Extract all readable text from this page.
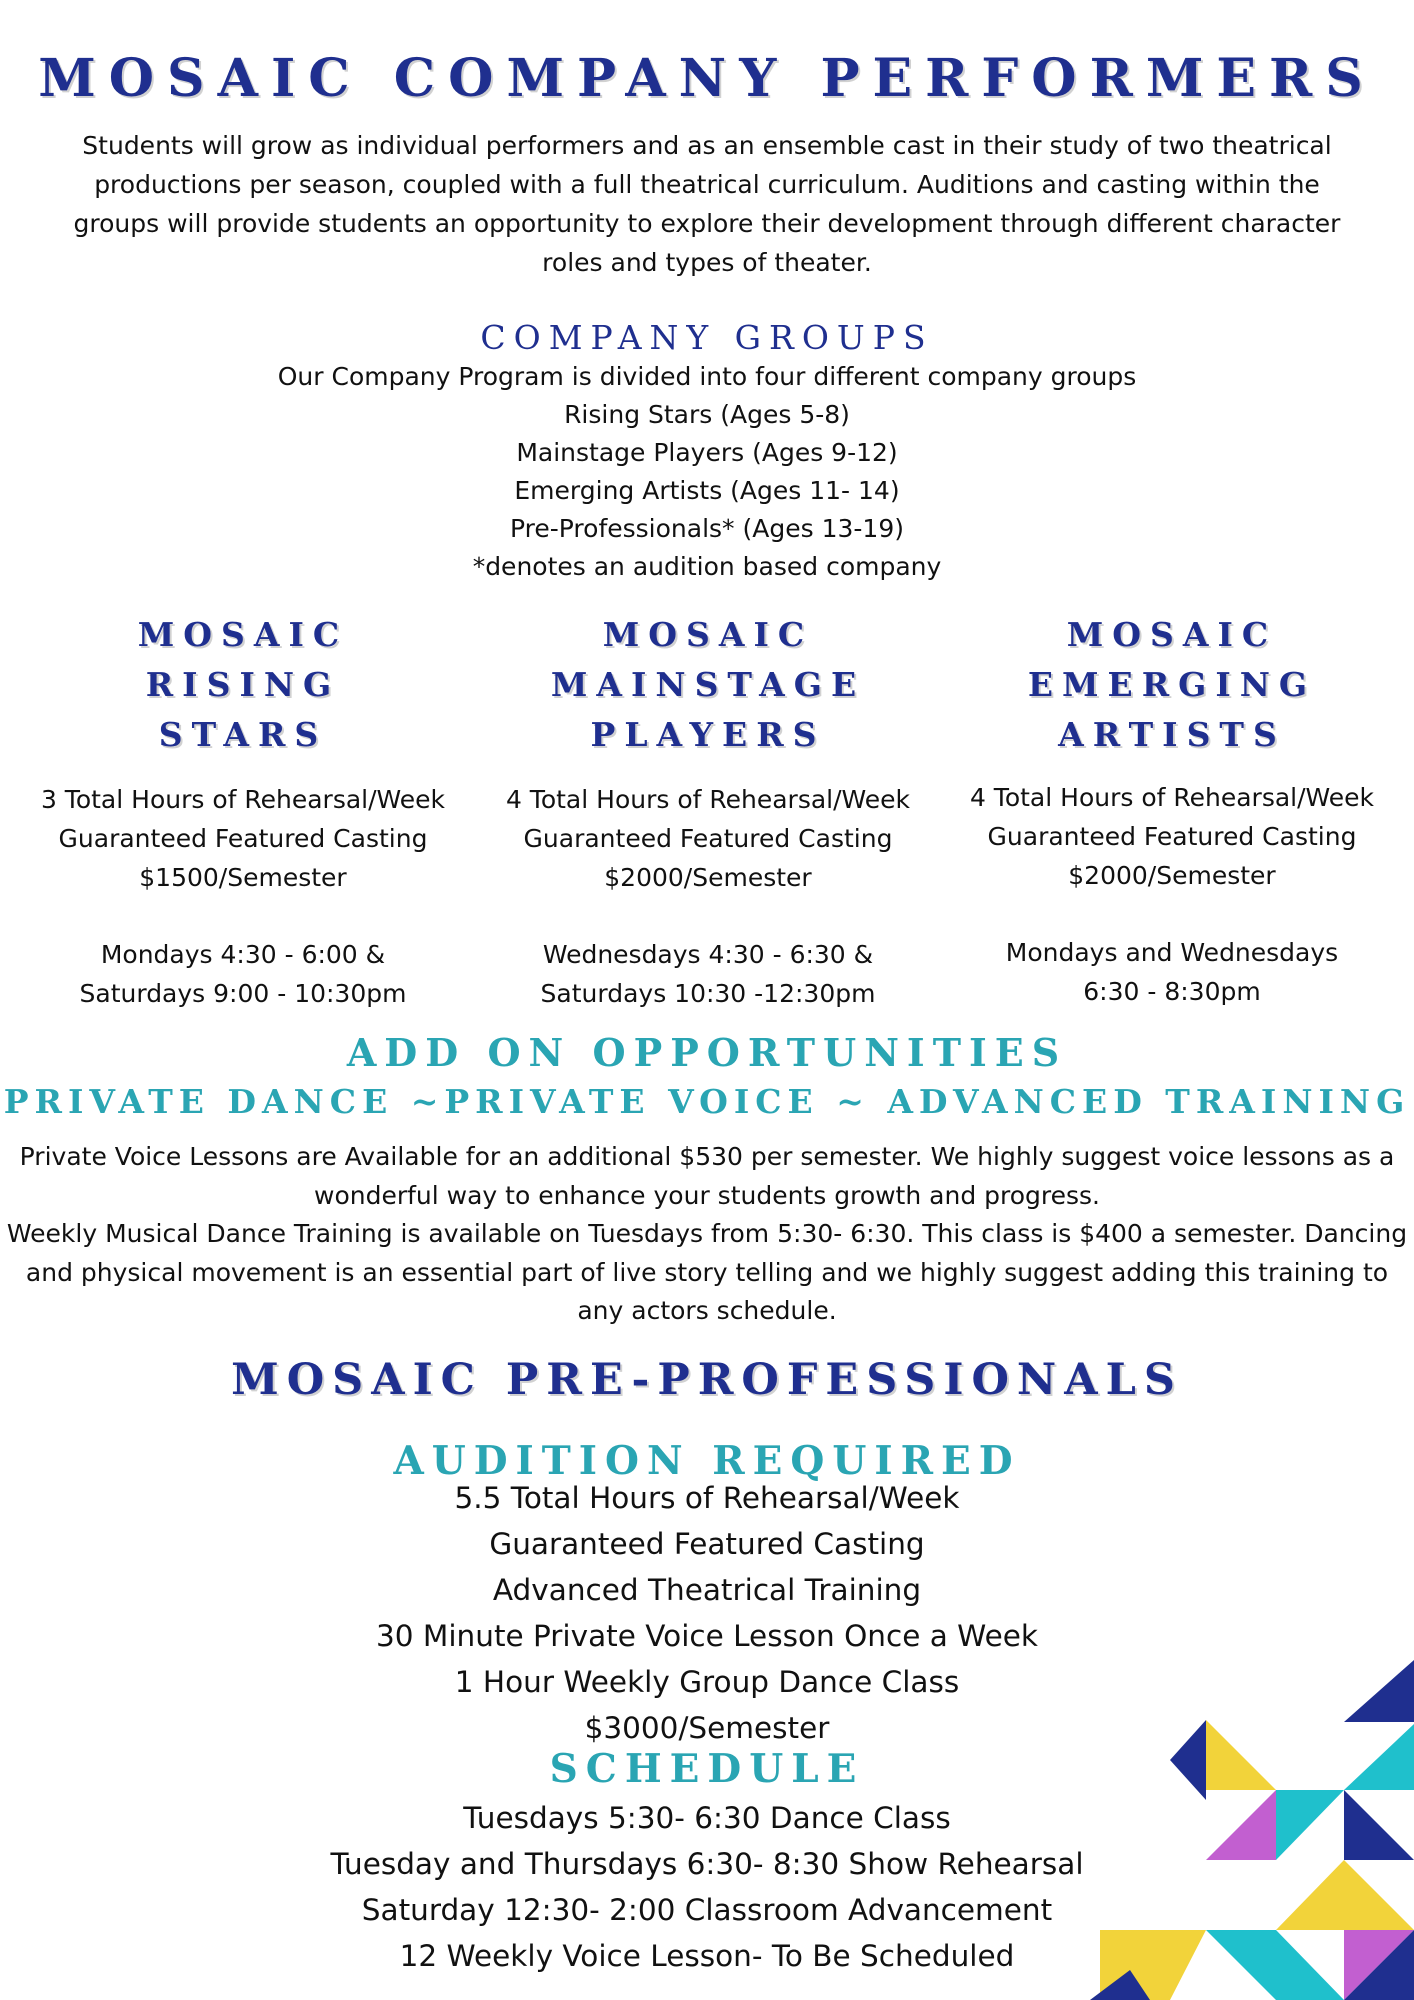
MOSAIC COMPANY PERFORMERS
Students will grow as individual performers and as an ensemble cast in their study of two theatrical
productions per season, coupled with a full theatrical curriculum. Auditions and casting within the
groups will provide students an opportunity to explore their development through different character
roles and types of theater.
COMPANY GROUPS
Our Company Program is divided into four different company groups
Rising Stars (Ages 5-8)
Mainstage Players (Ages 9-12)
Emerging Artists (Ages 11- 14)
Pre-Professionals* (Ages 13-19)
*denotes an audition based company
MOSAIC
RISING
STARS
3 Total Hours of Rehearsal/Week
Guaranteed Featured Casting
$1500/Semester
Mondays 4:30 - 6:00 &
Saturdays 9:00 - 10:30pm
MOSAIC
MAINSTAGE
PLAYERS
4 Total Hours of Rehearsal/Week
Guaranteed Featured Casting
$2000/Semester
Wednesdays 4:30 - 6:30 &
Saturdays 10:30 -12:30pm
MOSAIC
EMERGING
ARTISTS
4 Total Hours of Rehearsal/Week
Guaranteed Featured Casting
$2000/Semester
Mondays and Wednesdays
6:30 - 8:30pm
ADD ON OPPORTUNITIES
PRIVATE DANCE ~PRIVATE VOICE ~ ADVANCED TRAINING
Private Voice Lessons are Available for an additional $530 per semester. We highly suggest voice lessons as a
wonderful way to enhance your students growth and progress.
Weekly Musical Dance Training is available on Tuesdays from 5:30- 6:30. This class is $400 a semester. Dancing
and physical movement is an essential part of live story telling and we highly suggest adding this training to
any actors schedule.
MOSAIC PRE-PROFESSIONALS
AUDITION REQUIRED
5.5 Total Hours of Rehearsal/Week
Guaranteed Featured Casting
Advanced Theatrical Training
30 Minute Private Voice Lesson Once a Week
1 Hour Weekly Group Dance Class
$3000/Semester
SCHEDULE
Tuesdays 5:30- 6:30 Dance Class
Tuesday and Thursdays 6:30- 8:30 Show Rehearsal
Saturday 12:30- 2:00 Classroom Advancement
12 Weekly Voice Lesson- To Be Scheduled
